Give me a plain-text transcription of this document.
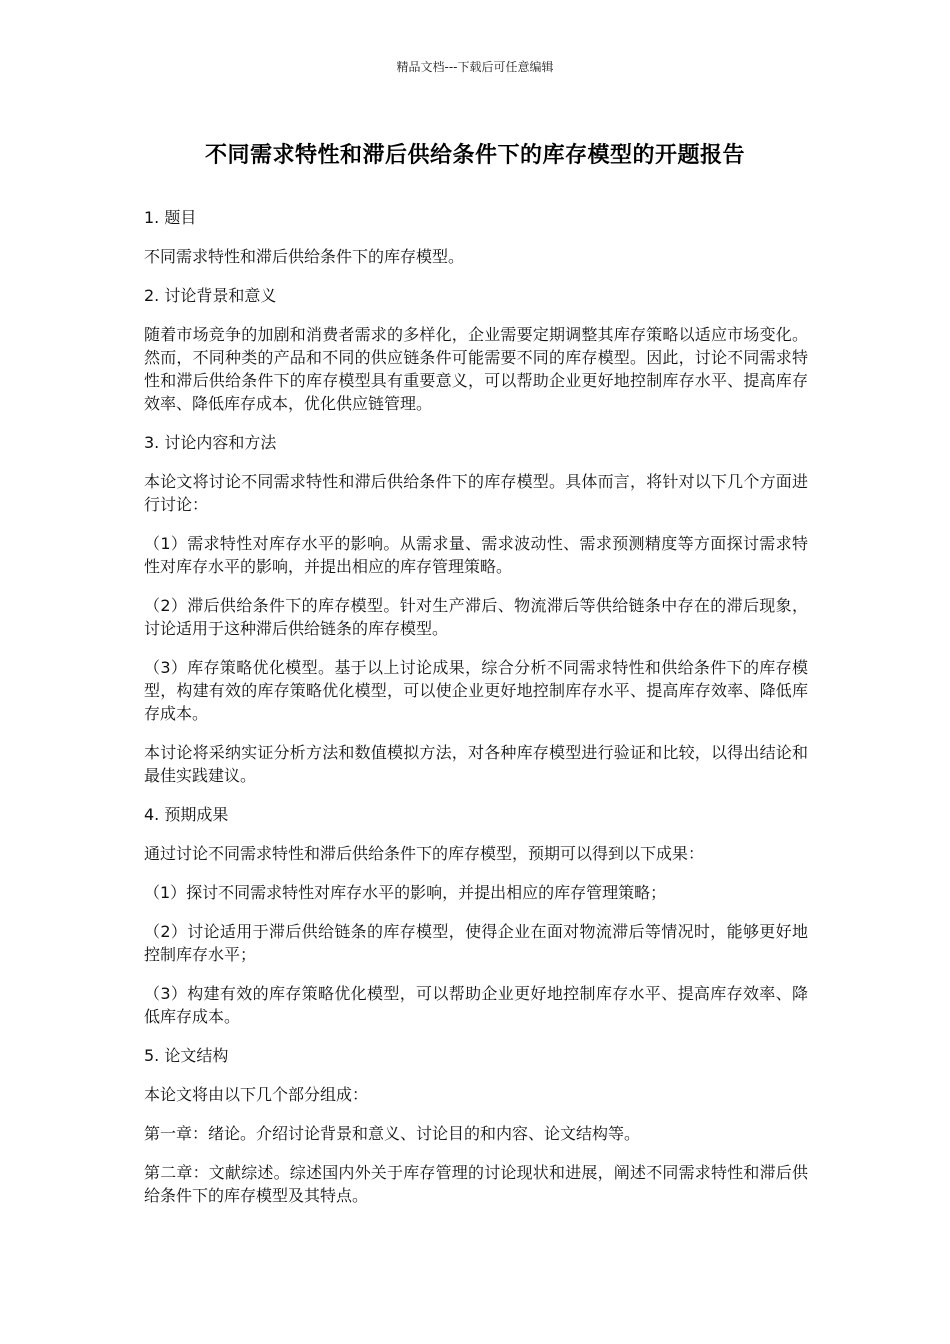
精品文档---下载后可任意编辑
不同需求特性和滞后供给条件下的库存模型的开题报告

1. 题目

不同需求特性和滞后供给条件下的库存模型。

2. 讨论背景和意义

随着市场竞争的加剧和消费者需求的多样化，企业需要定期调整其库存策略以适应市场变化。然而，不同种类的产品和不同的供应链条件可能需要不同的库存模型。因此，讨论不同需求特性和滞后供给条件下的库存模型具有重要意义，可以帮助企业更好地控制库存水平、提高库存效率、降低库存成本，优化供应链管理。

3. 讨论内容和方法

本论文将讨论不同需求特性和滞后供给条件下的库存模型。具体而言，将针对以下几个方面进行讨论：

（1）需求特性对库存水平的影响。从需求量、需求波动性、需求预测精度等方面探讨需求特性对库存水平的影响，并提出相应的库存管理策略。

（2）滞后供给条件下的库存模型。针对生产滞后、物流滞后等供给链条中存在的滞后现象，讨论适用于这种滞后供给链条的库存模型。

（3）库存策略优化模型。基于以上讨论成果，综合分析不同需求特性和供给条件下的库存模型，构建有效的库存策略优化模型，可以使企业更好地控制库存水平、提高库存效率、降低库存成本。

本讨论将采纳实证分析方法和数值模拟方法，对各种库存模型进行验证和比较，以得出结论和最佳实践建议。

4. 预期成果

通过讨论不同需求特性和滞后供给条件下的库存模型，预期可以得到以下成果：

（1）探讨不同需求特性对库存水平的影响，并提出相应的库存管理策略；

（2）讨论适用于滞后供给链条的库存模型，使得企业在面对物流滞后等情况时，能够更好地控制库存水平；

（3）构建有效的库存策略优化模型，可以帮助企业更好地控制库存水平、提高库存效率、降低库存成本。

5. 论文结构

本论文将由以下几个部分组成：

第一章：绪论。介绍讨论背景和意义、讨论目的和内容、论文结构等。

第二章：文献综述。综述国内外关于库存管理的讨论现状和进展，阐述不同需求特性和滞后供给条件下的库存模型及其特点。
